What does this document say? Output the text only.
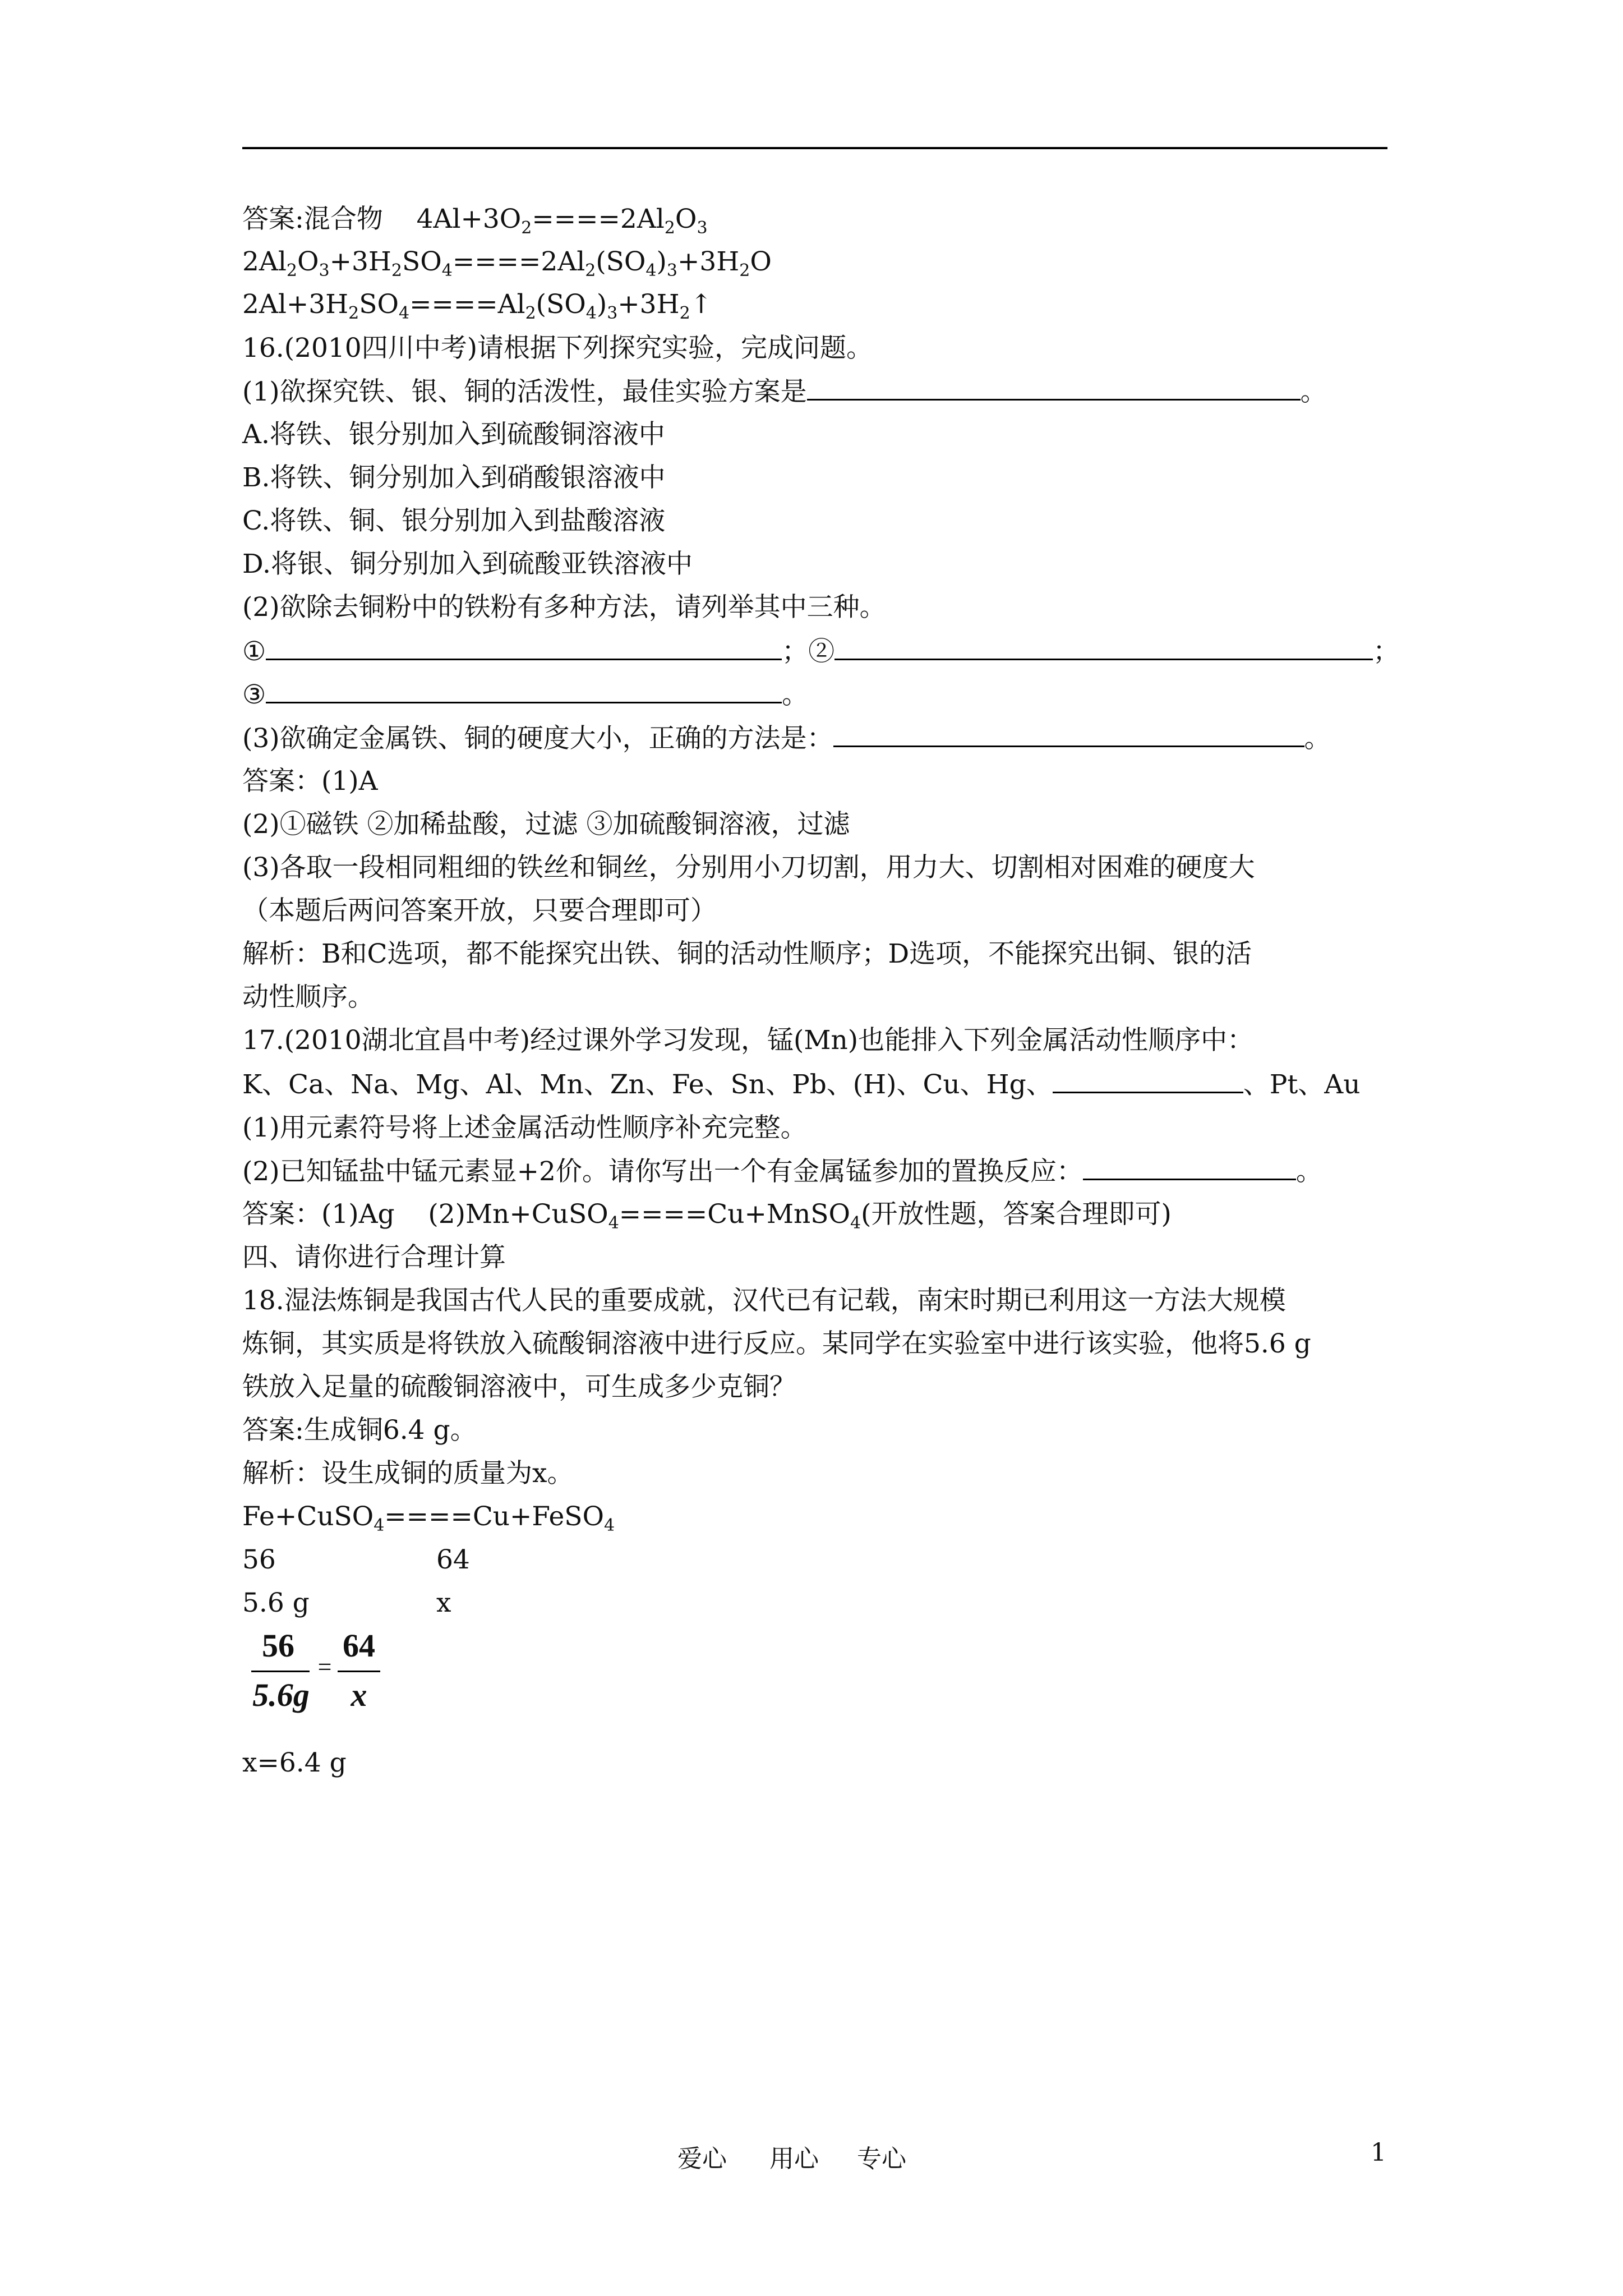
答案:混合物    $4Al+3O_2====2Al_2O_3$
$2Al_2O_3+3H_2SO_4====2Al_2(SO_4)_3+3H_2O$
$2Al+3H_2SO_4====Al_2(SO_4)_3+3H_2↑$
16.(2010四川中考)请根据下列探究实验，完成问题。
(1)欲探究铁、银、铜的活泼性，最佳实验方案是	。
A.将铁、银分别加入到硫酸铜溶液中
B.将铁、铜分别加入到硝酸银溶液中
C.将铁、铜、银分别加入到盐酸溶液
D.将银、铜分别加入到硫酸亚铁溶液中
(2)欲除去铜粉中的铁粉有多种方法，请列举其中三种。
①	；②	；
③	。
(3)欲确定金属铁、铜的硬度大小，正确的方法是：	。
答案：(1)A
(2)①磁铁 ②加稀盐酸，过滤 ③加硫酸铜溶液，过滤
(3)各取一段相同粗细的铁丝和铜丝，分别用小刀切割，用力大、切割相对困难的硬度大
（本题后两问答案开放，只要合理即可）
解析：B和C选项，都不能探究出铁、铜的活动性顺序；D选项，不能探究出铜、银的活
动性顺序。
17.(2010湖北宜昌中考)经过课外学习发现，锰(Mn)也能排入下列金属活动性顺序中：
K、Ca、Na、Mg、Al、Mn、Zn、Fe、Sn、Pb、(H)、Cu、Hg、	、Pt、Au
(1)用元素符号将上述金属活动性顺序补充完整。
(2)已知锰盐中锰元素显+2价。请你写出一个有金属锰参加的置换反应：	。
答案：(1)Ag    (2)Mn+CuSO$_4$====Cu+MnSO$_4$(开放性题，答案合理即可)
四、请你进行合理计算
18.湿法炼铜是我国古代人民的重要成就，汉代已有记载，南宋时期已利用这一方法大规模
炼铜，其实质是将铁放入硫酸铜溶液中进行反应。某同学在实验室中进行该实验，他将5.6 g
铁放入足量的硫酸铜溶液中，可生成多少克铜？
答案:生成铜6.4 g。
解析：设生成铜的质量为x。
Fe+CuSO$_4$====Cu+FeSO$_4$
56	64
5.6 g	x
56
5.6g
=
64
x
x=6.4 g
爱心 用心 专心	1
